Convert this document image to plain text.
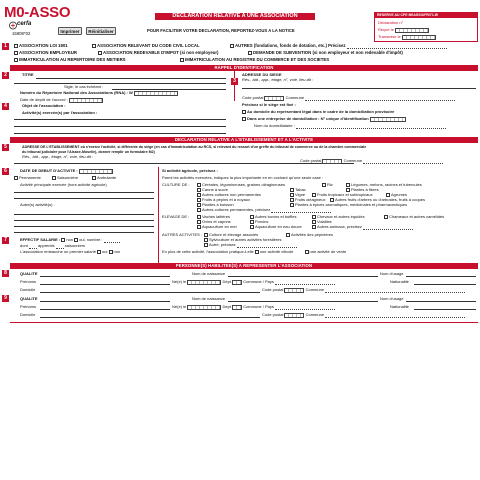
M0-ASSO
cerfa
15908*02
DECLARATION RELATIVE A UNE ASSOCIATION
Imprimer	Réinitialiser	POUR FACILITER VOTRE DECLARATION, REPORTEZ-VOUS A LA NOTICE
RESERVE AU CFE M0ASSO/FR/71.W
Déclaration n°
Reçue le
Transmise le
1	ASSOCIATION LOI 1901	ASSOCIATION RELEVANT DU CODE CIVIL LOCAL	AUTRES (fondations, fonds de dotation, etc.) Précisez
ASSOCIATION EMPLOYEUR	ASSOCIATION REDEVABLE D'IMPOT (si non employeur)	DEMANDE DE SUBVENTION (si non employeur et non redevable d'impôt)
IMMATRICULATION AU REPERTOIRE DES METIERS	IMMATRICULATION AU REGISTRE DU COMMERCE ET DES SOCIETES
RAPPEL D'IDENTIFICATION
2	TITRE
Sigle, le cas échéant :
Numéro du Répertoire National des Associations (RNA) : W
Date de dépôt de l'accord :
3
ADRESSE DU SIEGE
Rés., bât., app., étage, n°, voie, lieu-dit :
Code postal	Commune
Précisez si le siège est fixé :
Au domicile du représentant légal dans le cadre de la domiciliation provisoire
Dans une entreprise de domiciliation : N° unique d'identification
Nom du domiciliataire :
4	Objet de l'association :
Activité(s) exercée(s) par l'association :
DECLARATION RELATIVE A L'ETABLISSEMENT ET A L'ACTIVITE
5	ADRESSE DE L'ETABLISSEMENT où s'exerce l'activité, si différente du siège (en cas d'immatriculation au RCS, si relevant du ressort d'un greffe du tribunal de commerce ou de la chambre commerciale
du tribunal judiciaire pour l'Alsace-Moselle), donner remplir un formulaire M2)
Rés., bât., app., étage, n°, voie, lieu-dit :
Code postal	Commune
6	DATE DE DEBUT D'ACTIVITE :
Permanente	Saisonnière	Ambulante
Activité principale exercée (hors activité agricole)
Autre(s) activité(s) :
Si activité agricole, précisez :
Parmi les activités exercées, indiquez la plus importante en en cochant qu'une seule case :
CULTURE DE :	Céréales, légumineuses, graines oléagineuses	Riz	Légumes, melons, racines et tubercules
Canne à sucre	Tabac	Plantes à fibres
Autres cultures non permanentes	Vigne	Fruits tropicaux et subtropicaux	Agrumes
Fruits à pépins et à noyaux	Fruits oléagineux	Autres fruits d'arbres ou d'arbustes, fruits à coques
Plantes à boisson	Plantes à épices aromatiques, médicinales et pharmaceutiques
Autres cultures permanentes, précisez
ELEVAGE DE :	Vaches laitières	Autres bovins et buffles	Chevaux et autres équidés	Chameaux et autres camélidés
Ovins et caprins	Porcins	Volailles
Aquaculture en mer	Aquaculture en eau douce	Autres animaux, précisez
AUTRES ACTIVITES :	Culture et élevage associés	Activités des pépinières
Sylviculture et autres activités forestières
Autre, précisez
En plus de cette activité, l'association pratique-t-elle une activité viticole	une activité de vente
7	EFFECTIF SALARIE : non oui, nombre :
dont	apprentis	saisonniers
L'association embauche un premier salarié oui non
PERSONNE(S) HABILITEE(S) A REPRESENTER L'ASSOCIATION
8	QUALITE	Nom de naissance	Nom d'usage
Prénoms	Né(e) le	Dépt	Commune / Pays	Nationalité
Domicile	Code postal	Commune
9	QUALITE	Nom de naissance	Nom d'usage
Prénoms	Né(e) le	Dépt	Commune / Pays	Nationalité
Domicile	Code postal	Commune
